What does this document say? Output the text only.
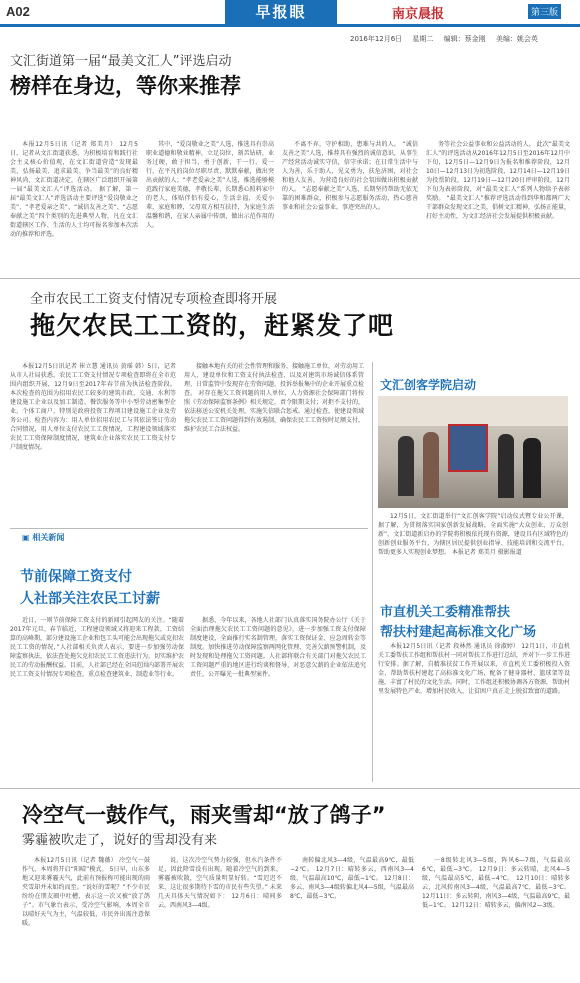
A02	早报眼	南京晨报	第三版
2016年12月6日 星期二 编辑：蔡金刚 美编：姚会英
文汇街道第一届“最美文汇人”评选启动
榜样在身边，等你来推荐

本报12月5日讯（记者 郑美月） 12月5日，记者从文汇街道获悉，为积极培育和践行社会主义核心价值观，在文汇街道营造“发现最美、弘扬最美、追求最美、争当最美”的良好精神风尚，文汇街道决定，在辖区广泛组织开展第一届“最美文汇人”评选活动。 据了解，第一届“最美文汇人”评选活动主要评选“爱岗敬业之美”、“孝老爱亲之美”、“诚信友善之美”、“志愿奉献之美”四个类别的先进典型人物，凡在文汇街道辖区工作、生活的人士均可报名参加本次活动的推荐和评选。

其中，“爱岗敬业之美”人选，推选具有崇高职业道德和敬业精神，立足岗位，刻苦钻研，业务过硬，敢于担当，勇于创新，干一行，爱一行，在平凡的岗位尽职尽责，默默奉献，做出突出贡献的人；“孝老爱亲之美”人选，推选能够模范践行家庭美德，孝敬长辈，长期悉心照料家中的老人，体贴伴侣有爱心，生活幸福，关爱小辈，家庭和睦，父母双方相互扶持，为家庭生活温馨和谐，在家人亲属中传颂，做出示范作用的人。

不离不弃，守护相助，患难与共的人。 “诚信友善之美”人选，推荐具有强烈的诚信意识，从事生产经营活动诚实守信，信守承诺；在日常生活中与人为善，乐于助人，见义勇为，扶危济困，对社会和他人友善，为营造良好的社会氛围做出积极贡献的人。 “志愿奉献之美”人选，长期坚持帮助无依无靠的困难群众，积极参与志愿服务活动，热心慈善事业和社会公益事业，事迹突出的人。

务等社会公益事业和公益活动的人。 此次“最美文汇人”的评选活动从2016年12月5日至2016年12月中下旬，12月5日—12月9日为报名和推荐阶段，12月10日—12月13日为初选阶段，12月14日—12月19日为投票阶段，12月19日—12月20日评审阶段，12月下旬为表彰阶段，对“最美文汇人”系列人物给予表彰奖励。 “最美文汇人”推荐评选活动得到华和都两广大干部群众发现文汇之美，倡树文汇精神，弘扬正能量，打好主动性，为文汇经济社会发展提供积极贡献。

全市农民工工资支付情况专项检查即将开展
拖欠农民工工资的，赶紧发了吧

本报12月5日讯记者 崔立慧 通讯员 黄瑶 韩）5日，记者从市人社局获悉，农民工工资支付情况专项检查即将在全市范围内组织开展，12月9日至2017年春节前为执法检查阶段。 本次检查的范围为招用农民工较多的建筑市政、交通、水利等建设施工企业以及加工制造、餐饮服务等中小型劳动密集型企业，个体工商户，特别是政府投资工程项目建设施工企业及劳务公司。检查内容为：用人单位招用农民工与其依法签订劳动合同情况，用人单位支付农民工工资情况，工程建设领域落实农民工工资保障制度情况，建筑业企业落实农民工工资支付专户制度情况。

接触本地有关的社会性管理和服务，接触施工单位，对劳动用工用人、建设单位和工资支付执法检查、以及对建筑市场诚信体系管理、日常监管中发现存在劳资问题、投诉举报集中的企业开展重点检查。 对存在拖欠工资问题的用人单位，人力资源社会保障部门将按照《劳动保障监察条例》相关规定，责令限期支付；对拒不支付的，依法移送公安机关处理，实施失信联合惩戒。通过检查，使建设领域拖欠农民工工资问题得到有效遏制，确保农民工工资按时足额支付，维护农民工合法权益。

文汇创客学院启动

12月5日，文汇街道举行“文汇创客学院”启动仪式暨专业公开课，据了解，为贯彻落实国家创新发展战略，全面实施“大众创业、万众创新”，文汇街道新启办的学院将积极依托现有资源，建设具有区域特色的创新创业服务平台，为辖区居民提供创业指导、技能培训和交流平台，帮助更多人实现创业梦想。 本报记者 郑美月 摄影报道

▣ 相关新闻
节前保障工资支付
人社部关注农民工讨薪

近日，一则节前保障工资支付的新闻引起网友的关注。“随着2017年元旦、春节临近，工程建设领域又将迎来工程款、工资结算的高峰期，部分建设施工企业和包工头可能会出现拖欠或克扣农民工工资的情况，”人社部相关负责人表示，要进一步加强劳动保障监察执法，依法查处拖欠克扣农民工工资违法行为，切实维护农民工的劳动报酬权益。目前，人社部已经在全国范围内部署开展农民工工资支付情况专项检查，重点检查建筑业、制造业等行业。

据悉，今年以来，各地人社部门认真落实国务院办公厅《关于全面治理拖欠农民工工资问题的意见》，进一步加强工资支付保障制度建设，全面推行实名制管理，落实工资保证金、应急周转金等制度。加快推进劳动保障监察两网化管理，完善欠薪预警机制，及时发现和处理拖欠工资问题。人社部将联合有关部门对拖欠农民工工资问题严重的地区进行约谈和督导，对恶意欠薪的企业依法追究责任，公开曝光一批典型案件。

市直机关工委精准帮扶
帮扶村建起高标准文化广场

本报12月5日讯（记者 段林然 通讯员 徐淑婷） 12月1日，市直机关工委帮扶工作组和帮扶村一同对帮扶工作进行总结，并对下一步工作进行安排。据了解，自精准扶贫工作开展以来，市直机关工委积极投入资金，帮助帮扶村建起了高标准文化广场，配备了健身器材、篮球架等设施，丰富了村民的文化生活。同时，工作组还积极协调各方资源，帮助村里发展特色产业，增加村民收入，让贫困户真正走上脱贫致富的道路。

冷空气一鼓作气，雨夹雪却“放了鸽子”
雾霾被吹走了，说好的雪却没有来

本报12月5日讯（记者 魏薇） 冷空气一鼓作气，本周将开启“阳晴”模式。 5日早，山东多地又迎来雾霾天气，此前有预报称可能出现的雨夹雪却并未如约而至。“说好的雪呢？”不少市民纷纷在朋友圈中吐槽，表示这一次又被“放了鸽子”。市气象台表示，受冷空气影响，本周全市以晴好天气为主，气温较低，市民外出需注意保暖。

说，这次冷空气势力较强，但水汽条件不足，因此降雪没有出现。随着冷空气的到来，雾霾被吹散，空气质量明显好转。“雪迟迟不来，这让很多期待下雪的市民有些失望。” 未来几天具体天气情况如下： 12月6日：晴间多云，西南风3—4级。

南转偏北风3—4级，气温最高9℃，最低−2℃。 12月7日：晴转多云，西南风3—4级，气温最高10℃，最低−1℃。 12月8日：多云，南风3—4级转偏北风4—5级，气温最高8℃，最低−3℃。

一8级转北风3—5级，阵风6—7级，气温最高6℃，最低−3℃。 12月9日：多云转晴，北风4—5级，气温最高5℃，最低−4℃。 12月10日：晴转多云，北风转南风3—4级，气温最高7℃，最低−3℃。 12月11日：多云转阴，南风3—4级，气温最高9℃，最低−1℃。 12月12日：晴转多云，偏南风2—3级。
